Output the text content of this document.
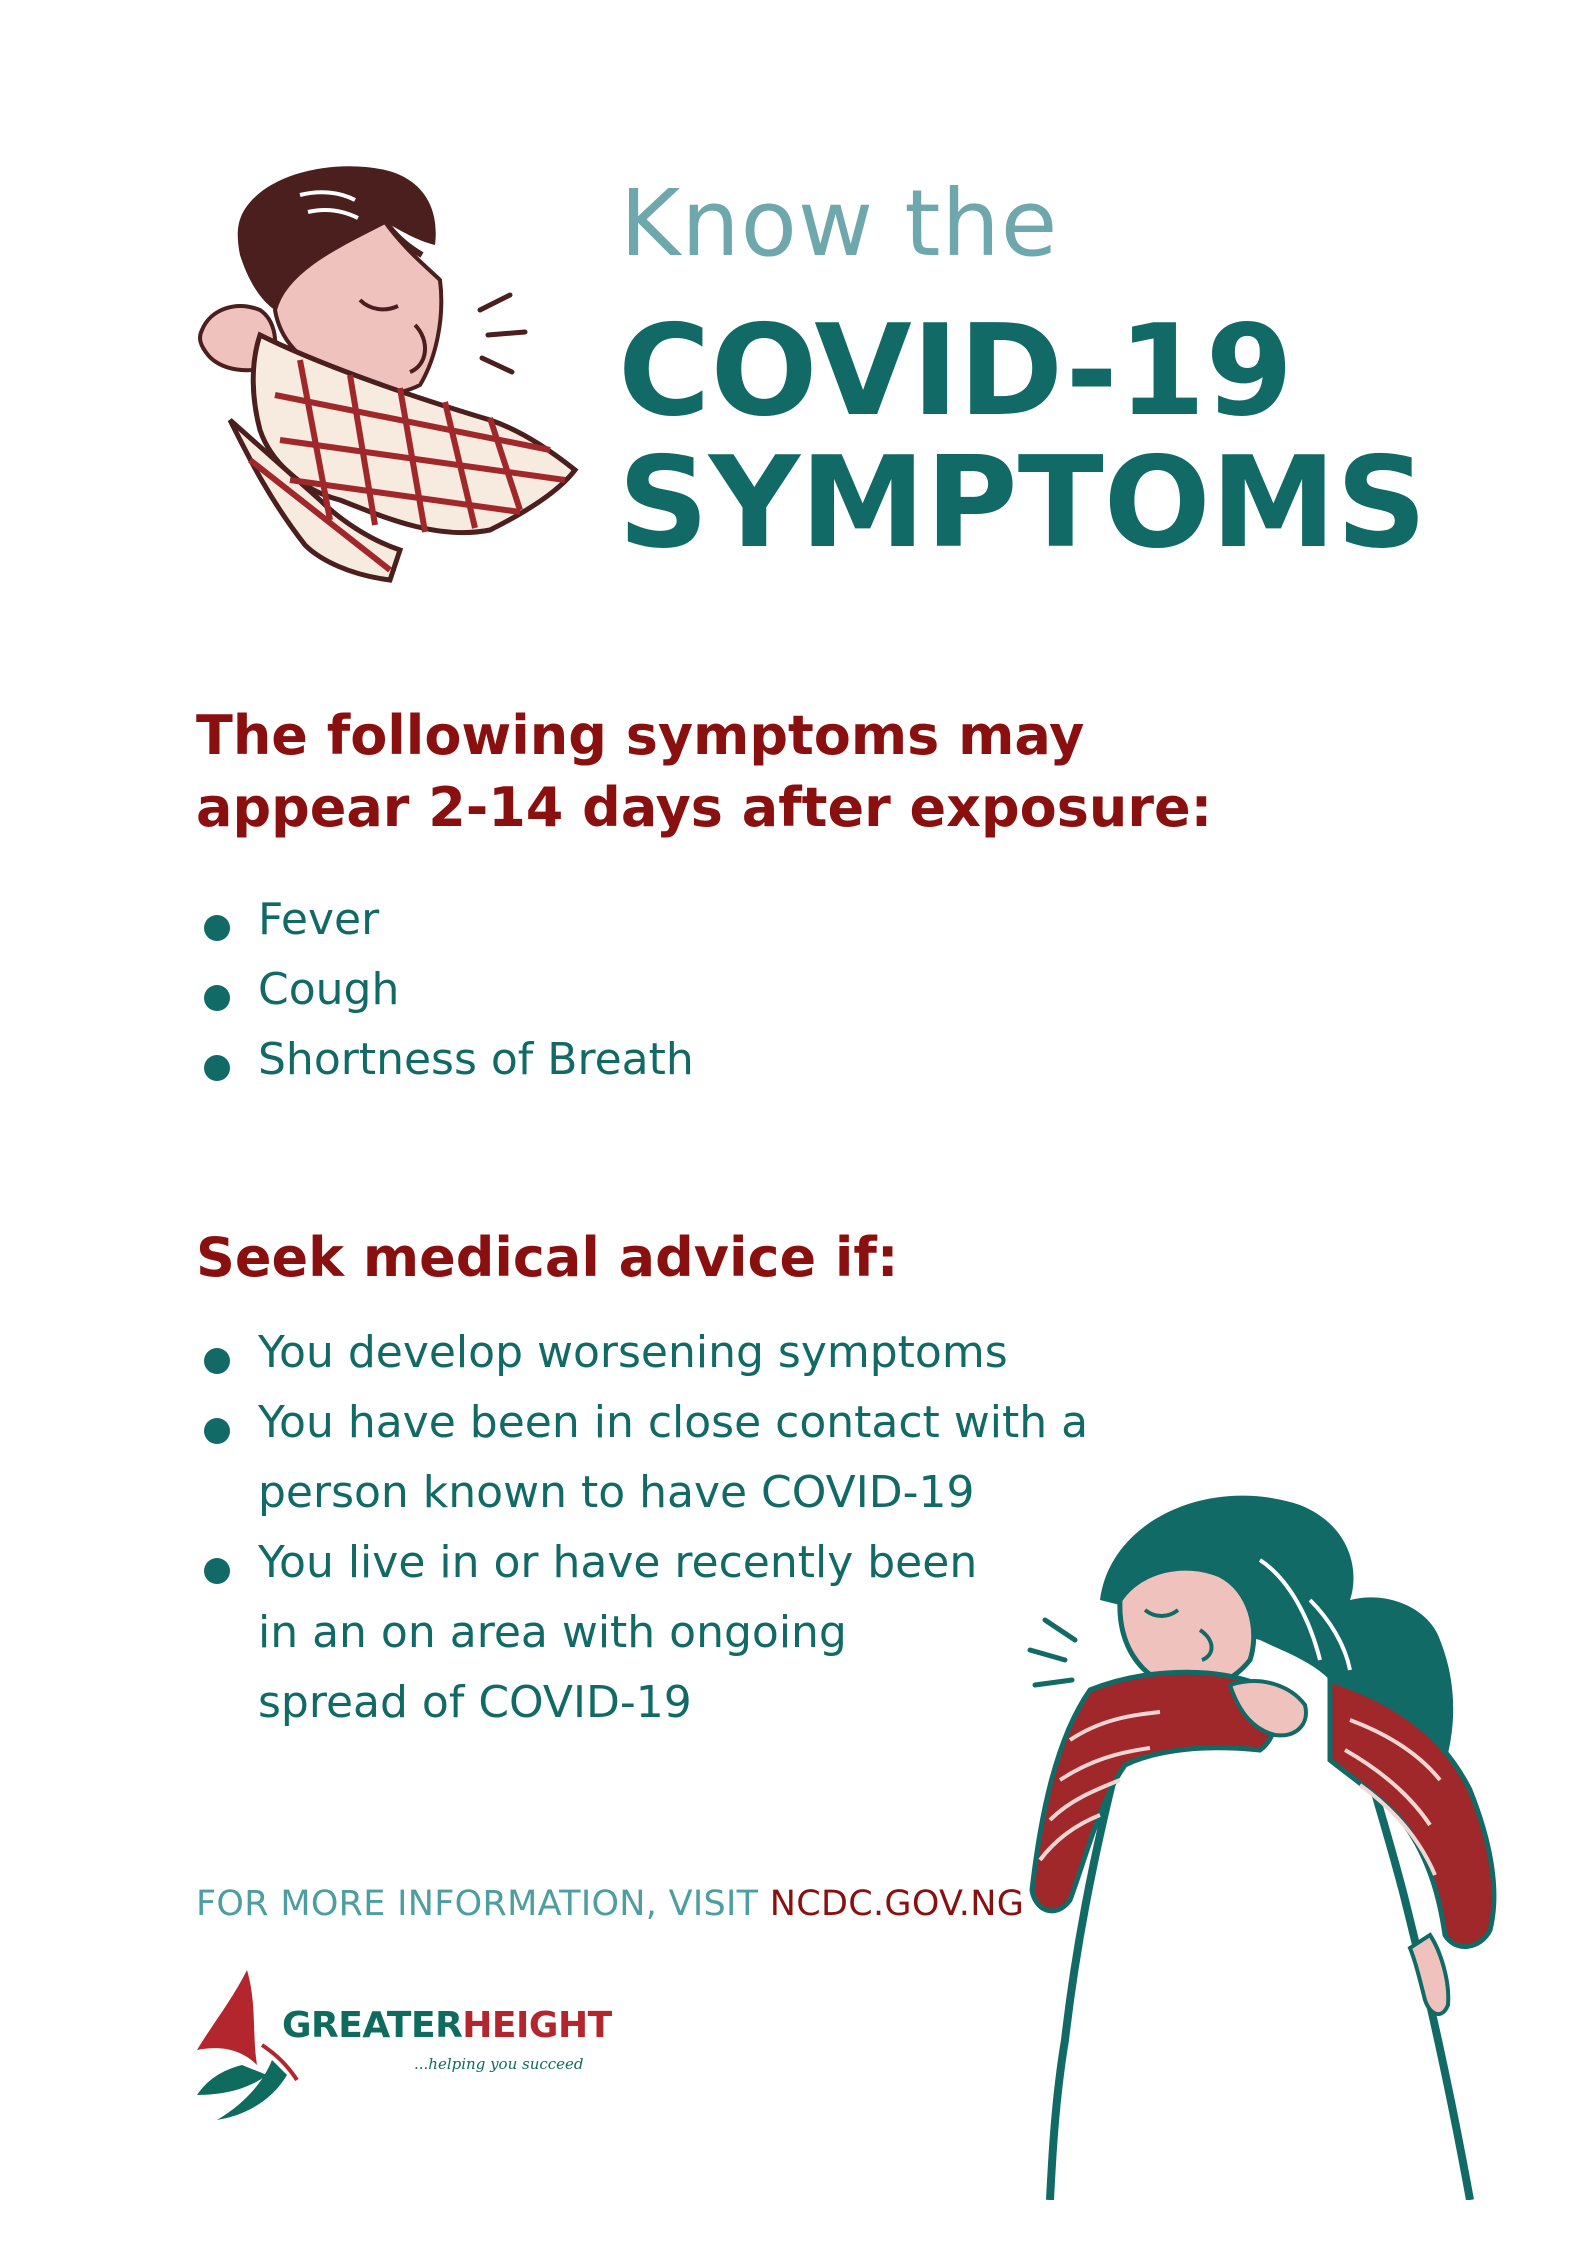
Know the
COVID-19
SYMPTOMS
The following symptoms may
appear 2-14 days after exposure:
Fever
Cough
Shortness of Breath
Seek medical advice if:
You develop worsening symptoms
You have been in close contact with a
person known to have COVID-19
You live in or have recently been
in an on area with ongoing
spread of COVID-19
FOR MORE INFORMATION, VISIT NCDC.GOV.NG
GREATERHEIGHT
...helping you succeed
